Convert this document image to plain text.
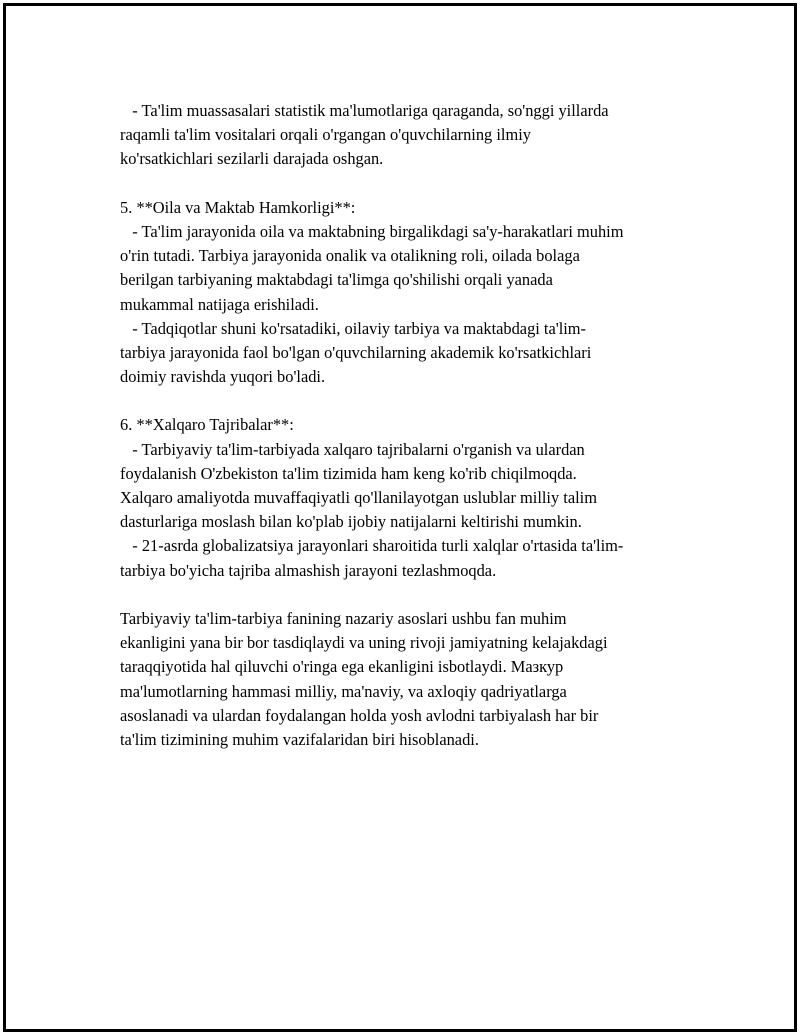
- Ta'lim muassasalari statistik ma'lumotlariga qaraganda, so'nggi yillarda
raqamli ta'lim vositalari orqali o'rgangan o'quvchilarning ilmiy
ko'rsatkichlari sezilarli darajada oshgan.
5. **Oila va Maktab Hamkorligi**:
- Ta'lim jarayonida oila va maktabning birgalikdagi sa'y-harakatlari muhim
o'rin tutadi. Tarbiya jarayonida onalik va otalikning roli, oilada bolaga
berilgan tarbiyaning maktabdagi ta'limga qo'shilishi orqali yanada
mukammal natijaga erishiladi.
- Tadqiqotlar shuni ko'rsatadiki, oilaviy tarbiya va maktabdagi ta'lim-
tarbiya jarayonida faol bo'lgan o'quvchilarning akademik ko'rsatkichlari
doimiy ravishda yuqori bo'ladi.
6. **Xalqaro Tajribalar**:
- Tarbiyaviy ta'lim-tarbiyada xalqaro tajribalarni o'rganish va ulardan
foydalanish O'zbekiston ta'lim tizimida ham keng ko'rib chiqilmoqda.
Xalqaro amaliyotda muvaffaqiyatli qo'llanilayotgan uslublar milliy talim
dasturlariga moslash bilan ko'plab ijobiy natijalarni keltirishi mumkin.
- 21-asrda globalizatsiya jarayonlari sharoitida turli xalqlar o'rtasida ta'lim-
tarbiya bo'yicha tajriba almashish jarayoni tezlashmoqda.
Tarbiyaviy ta'lim-tarbiya fanining nazariy asoslari ushbu fan muhim
ekanligini yana bir bor tasdiqlaydi va uning rivoji jamiyatning kelajakdagi
taraqqiyotida hal qiluvchi o'ringa ega ekanligini isbotlaydi. Мазкур
ma'lumotlarning hammasi milliy, ma'naviy, va axloqiy qadriyatlarga
asoslanadi va ulardan foydalangan holda yosh avlodni tarbiyalash har bir
ta'lim tizimining muhim vazifalaridan biri hisoblanadi.
